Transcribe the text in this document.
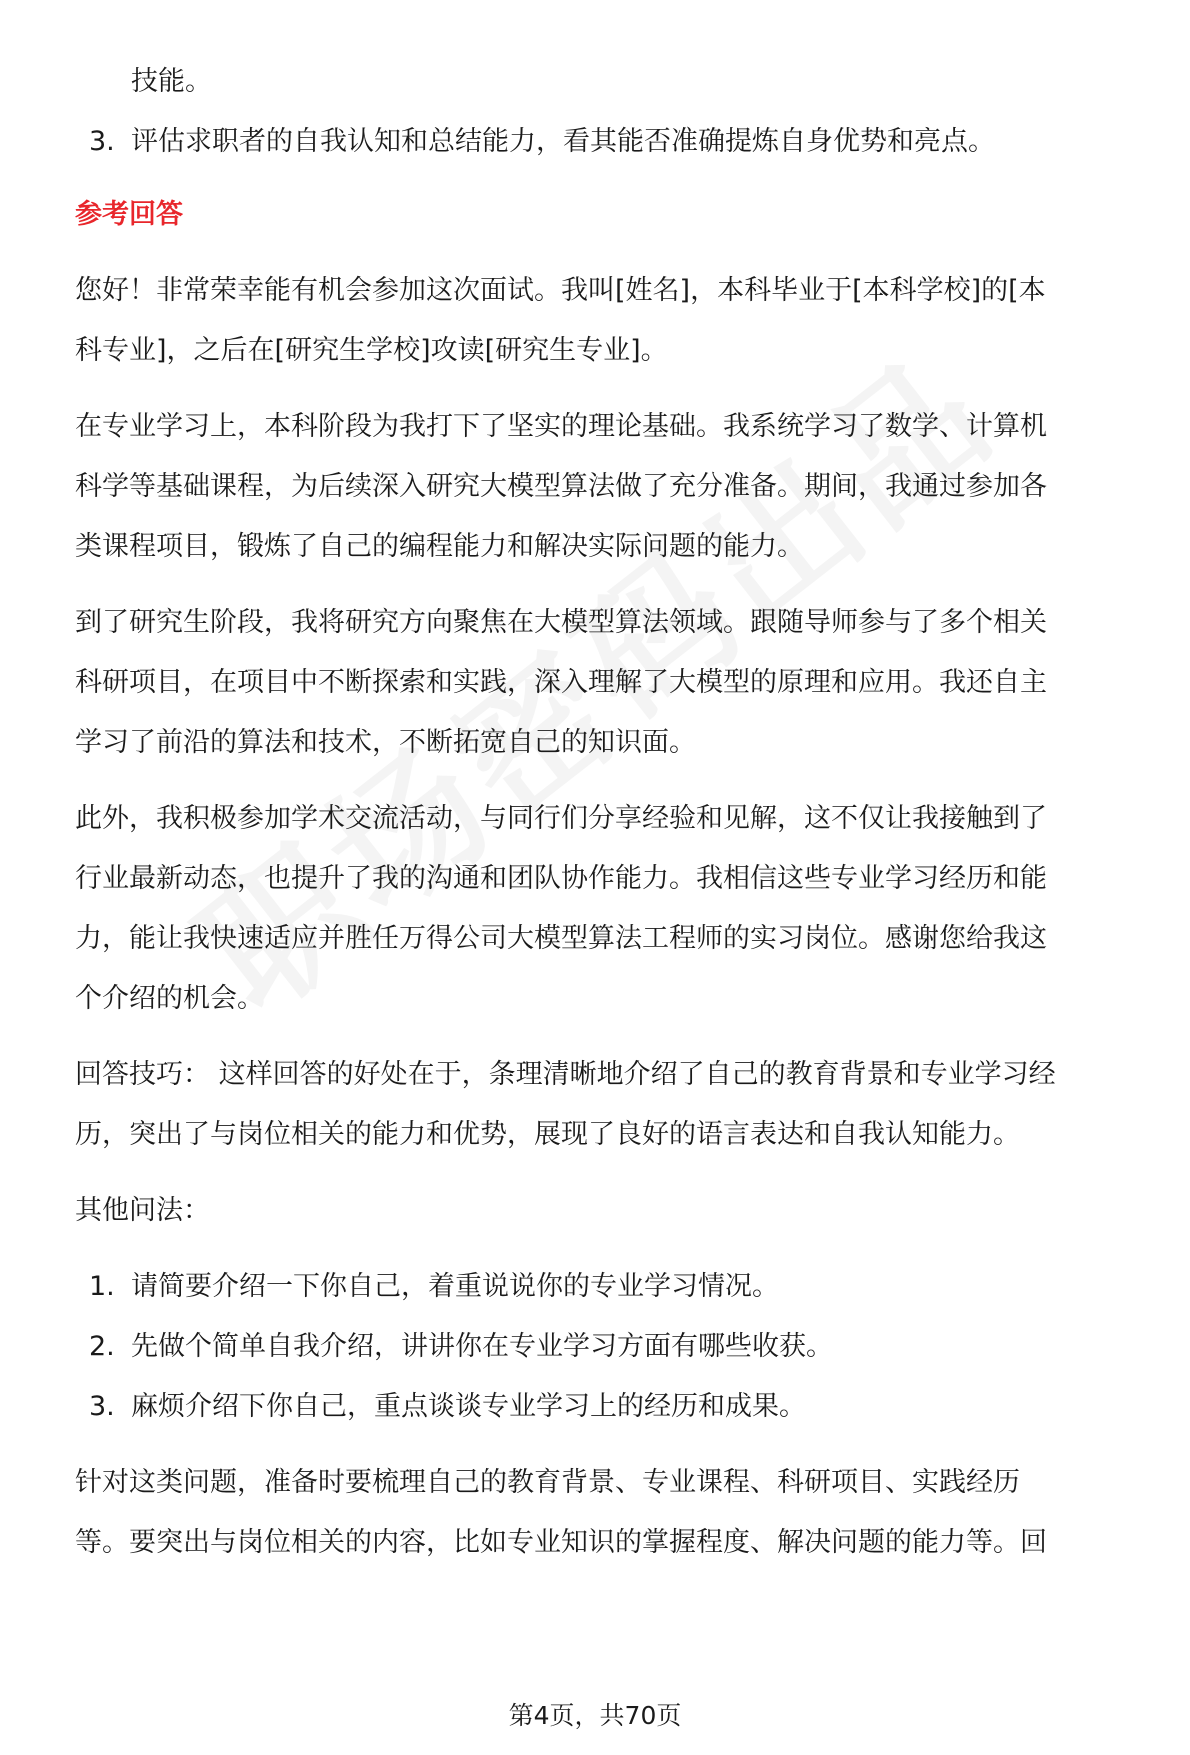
技能。
3. 评估求职者的自我认知和总结能力，看其能否准确提炼自身优势和亮点。
参考回答
您好！非常荣幸能有机会参加这次面试。我叫[姓名]，本科毕业于[本科学校]的[本
科专业]，之后在[研究生学校]攻读[研究生专业]。
在专业学习上，本科阶段为我打下了坚实的理论基础。我系统学习了数学、计算机
科学等基础课程，为后续深入研究大模型算法做了充分准备。期间，我通过参加各
类课程项目，锻炼了自己的编程能力和解决实际问题的能力。
到了研究生阶段，我将研究方向聚焦在大模型算法领域。跟随导师参与了多个相关
科研项目，在项目中不断探索和实践，深入理解了大模型的原理和应用。我还自主
学习了前沿的算法和技术，不断拓宽自己的知识面。
此外，我积极参加学术交流活动，与同行们分享经验和见解，这不仅让我接触到了
行业最新动态，也提升了我的沟通和团队协作能力。我相信这些专业学习经历和能
力，能让我快速适应并胜任万得公司大模型算法工程师的实习岗位。感谢您给我这
个介绍的机会。
回答技巧： 这样回答的好处在于，条理清晰地介绍了自己的教育背景和专业学习经
历，突出了与岗位相关的能力和优势，展现了良好的语言表达和自我认知能力。
其他问法：
1. 请简要介绍一下你自己，着重说说你的专业学习情况。
2. 先做个简单自我介绍，讲讲你在专业学习方面有哪些收获。
3. 麻烦介绍下你自己，重点谈谈专业学习上的经历和成果。
针对这类问题，准备时要梳理自己的教育背景、专业课程、科研项目、实践经历
等。要突出与岗位相关的内容，比如专业知识的掌握程度、解决问题的能力等。回
第4页，共70页
